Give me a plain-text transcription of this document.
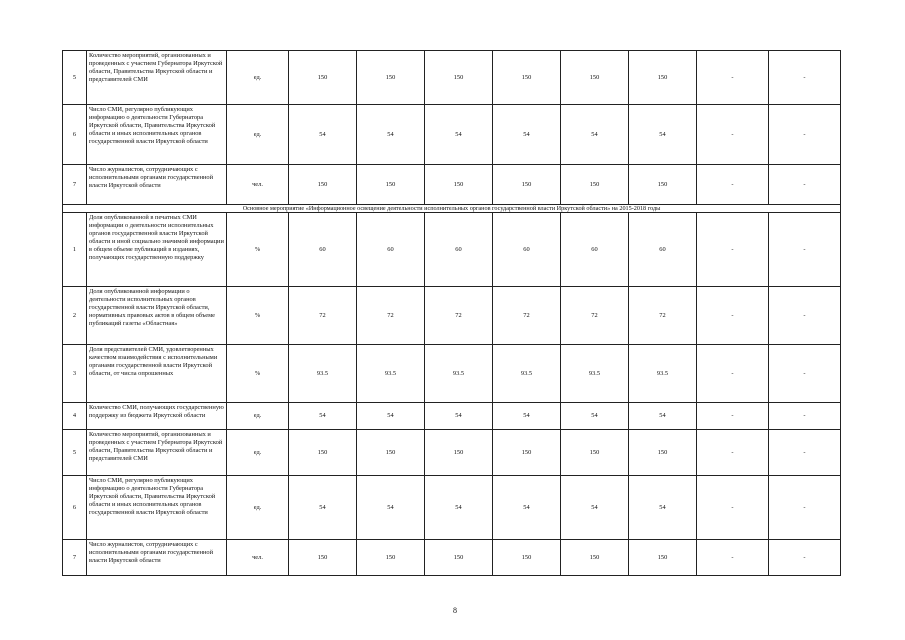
5	Количество мероприятий, организованных и проведенных с участием Губернатора Иркутской области, Правительства Иркутской области и представителей СМИ	ед.	150	150	150	150	150	150	-	-
6	Число СМИ, регулярно публикующих информацию о деятельности Губернатора Иркутской области, Правительства Иркутской области и иных исполнительных органов государственной власти Иркутской области	ед.	54	54	54	54	54	54	-	-
7	Число журналистов, сотрудничающих с исполнительными органами государственной власти Иркутской области	чел.	150	150	150	150	150	150	-	-
Основное мероприятие «Информационное освещение деятельности исполнительных органов государственной власти Иркутской области» на 2015-2018 годы										
1	Доля опубликованной в печатных СМИ информации о деятельности исполнительных органов государственной власти Иркутской области и иной социально значимой информации в общем объеме публикаций в изданиях, получающих государственную поддержку	%	60	60	60	60	60	60	-	-
2	Доля опубликованной информации о деятельности исполнительных органов государственной власти Иркутской области, нормативных правовых актов в общем объеме публикаций газеты «Областная»	%	72	72	72	72	72	72	-	-
3	Доля представителей СМИ, удовлетворенных качеством взаимодействия с исполнительными органами государственной власти Иркутской области, от числа опрошенных	%	93.5	93.5	93.5	93.5	93.5	93.5	-	-
4	Количество СМИ, получающих государственную поддержку из бюджета Иркутской области	ед.	54	54	54	54	54	54	-	-
5	Количество мероприятий, организованных и проведенных с участием Губернатора Иркутской области, Правительства Иркутской области и представителей СМИ	ед.	150	150	150	150	150	150	-	-
6	Число СМИ, регулярно публикующих информацию о деятельности Губернатора Иркутской области, Правительства Иркутской области и иных исполнительных органов государственной власти Иркутской области	ед.	54	54	54	54	54	54	-	-
7	Число журналистов, сотрудничающих с исполнительными органами государственной власти Иркутской области	чел.	150	150	150	150	150	150	-	-
8
